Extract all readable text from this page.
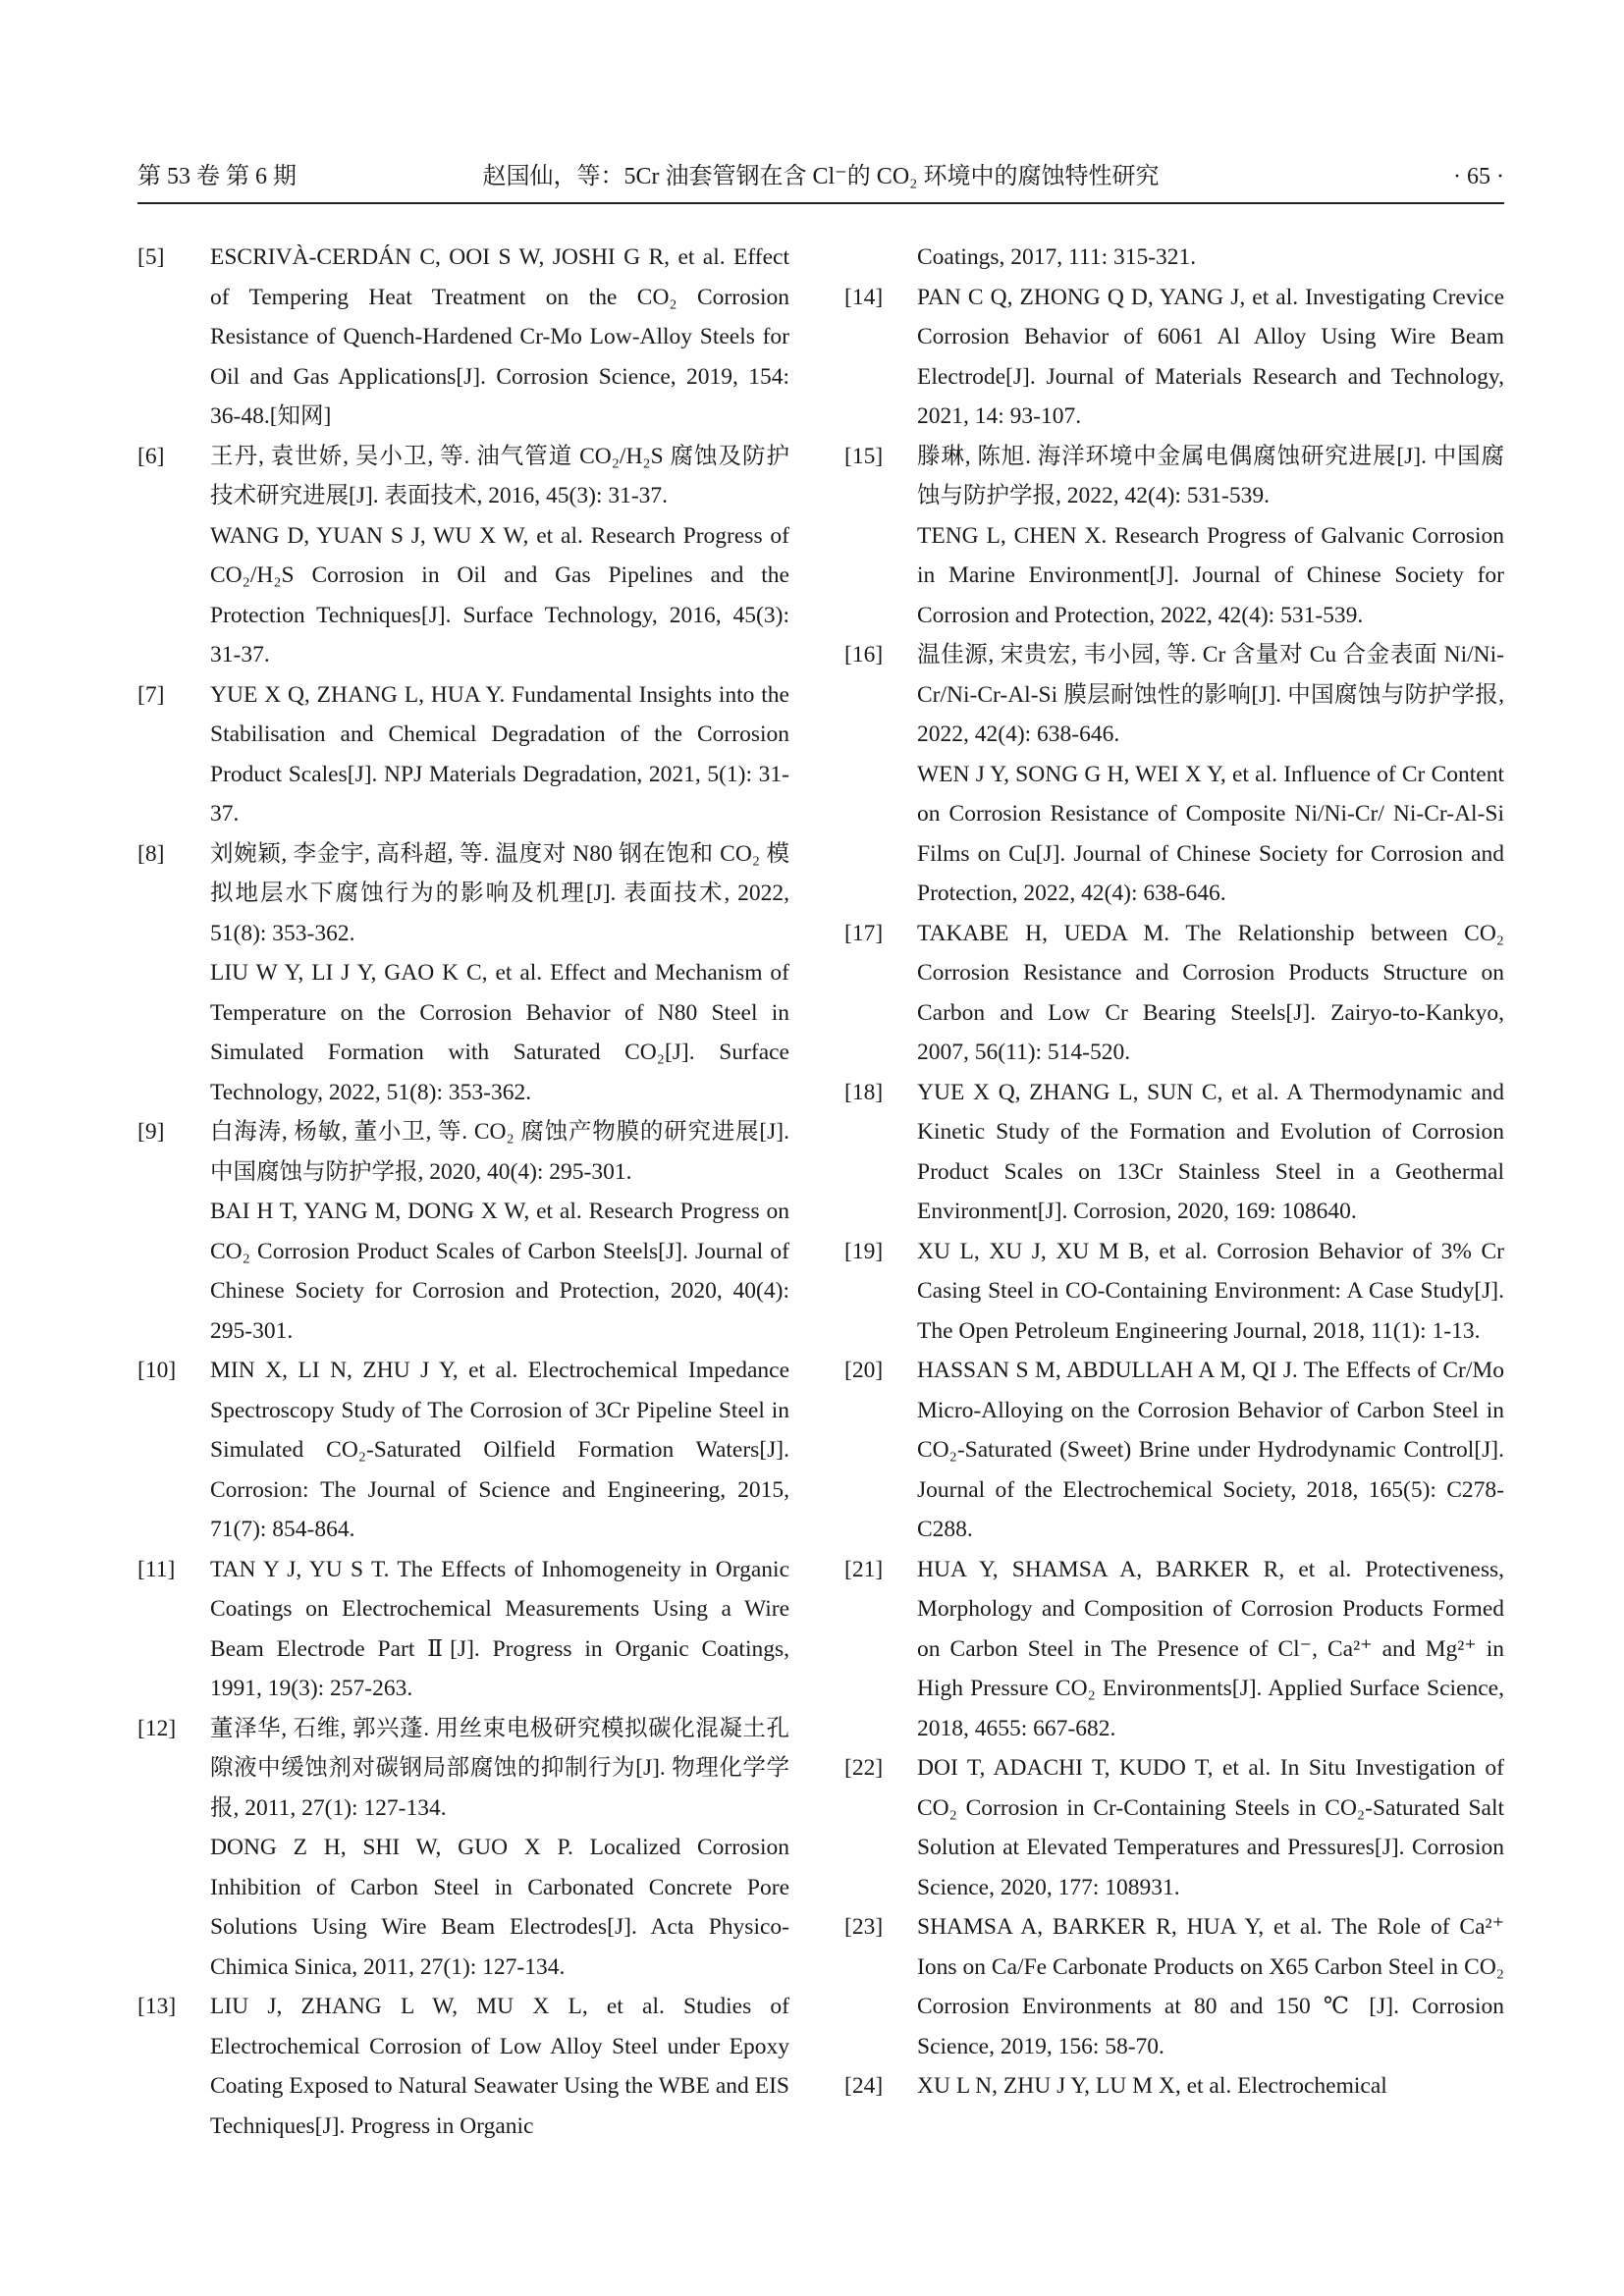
第 53 卷 第 6 期	赵国仙，等：5Cr 油套管钢在含 Cl⁻的 CO₂ 环境中的腐蚀特性研究	· 65 ·
[5]	ESCRIVÀ-CERDÁN C, OOI S W, JOSHI G R, et al. Effect of Tempering Heat Treatment on the CO₂ Corrosion Resistance of Quench-Hardened Cr-Mo Low-Alloy Steels for Oil and Gas Applications[J]. Corrosion Science, 2019, 154: 36-48.[知网]

[6]	王丹, 袁世娇, 吴小卫, 等. 油气管道 CO₂/H₂S 腐蚀及防护技术研究进展[J]. 表面技术, 2016, 45(3): 31-37.

WANG D, YUAN S J, WU X W, et al. Research Progress of CO₂/H₂S Corrosion in Oil and Gas Pipelines and the Protection Techniques[J]. Surface Technology, 2016, 45(3): 31-37.

[7]	YUE X Q, ZHANG L, HUA Y. Fundamental Insights into the Stabilisation and Chemical Degradation of the Corrosion Product Scales[J]. NPJ Materials Degradation, 2021, 5(1): 31-37.

[8]	刘婉颖, 李金宇, 高科超, 等. 温度对 N80 钢在饱和 CO₂ 模拟地层水下腐蚀行为的影响及机理[J]. 表面技术, 2022, 51(8): 353-362.

LIU W Y, LI J Y, GAO K C, et al. Effect and Mechanism of Temperature on the Corrosion Behavior of N80 Steel in Simulated Formation with Saturated CO₂[J]. Surface Technology, 2022, 51(8): 353-362.

[9]	白海涛, 杨敏, 董小卫, 等. CO₂ 腐蚀产物膜的研究进展[J]. 中国腐蚀与防护学报, 2020, 40(4): 295-301.

BAI H T, YANG M, DONG X W, et al. Research Progress on CO₂ Corrosion Product Scales of Carbon Steels[J]. Journal of Chinese Society for Corrosion and Protection, 2020, 40(4): 295-301.

[10]	MIN X, LI N, ZHU J Y, et al. Electrochemical Impedance Spectroscopy Study of The Corrosion of 3Cr Pipeline Steel in Simulated CO₂-Saturated Oilfield Formation Waters[J]. Corrosion: The Journal of Science and Engineering, 2015, 71(7): 854-864.

[11]	TAN Y J, YU S T. The Effects of Inhomogeneity in Organic Coatings on Electrochemical Measurements Using a Wire Beam Electrode Part Ⅱ[J]. Progress in Organic Coatings, 1991, 19(3): 257-263.

[12]	董泽华, 石维, 郭兴蓬. 用丝束电极研究模拟碳化混凝土孔隙液中缓蚀剂对碳钢局部腐蚀的抑制行为[J]. 物理化学学报, 2011, 27(1): 127-134.

DONG Z H, SHI W, GUO X P. Localized Corrosion Inhibition of Carbon Steel in Carbonated Concrete Pore Solutions Using Wire Beam Electrodes[J]. Acta Physico-Chimica Sinica, 2011, 27(1): 127-134.

[13]	LIU J, ZHANG L W, MU X L, et al. Studies of Electrochemical Corrosion of Low Alloy Steel under Epoxy Coating Exposed to Natural Seawater Using the WBE and EIS Techniques[J]. Progress in Organic

Coatings, 2017, 111: 315-321.

[14]	PAN C Q, ZHONG Q D, YANG J, et al. Investigating Crevice Corrosion Behavior of 6061 Al Alloy Using Wire Beam Electrode[J]. Journal of Materials Research and Technology, 2021, 14: 93-107.

[15]	滕琳, 陈旭. 海洋环境中金属电偶腐蚀研究进展[J]. 中国腐蚀与防护学报, 2022, 42(4): 531-539.

TENG L, CHEN X. Research Progress of Galvanic Corrosion in Marine Environment[J]. Journal of Chinese Society for Corrosion and Protection, 2022, 42(4): 531-539.

[16]	温佳源, 宋贵宏, 韦小园, 等. Cr 含量对 Cu 合金表面 Ni/Ni-Cr/Ni-Cr-Al-Si 膜层耐蚀性的影响[J]. 中国腐蚀与防护学报, 2022, 42(4): 638-646.

WEN J Y, SONG G H, WEI X Y, et al. Influence of Cr Content on Corrosion Resistance of Composite Ni/Ni-Cr/ Ni-Cr-Al-Si Films on Cu[J]. Journal of Chinese Society for Corrosion and Protection, 2022, 42(4): 638-646.

[17]	TAKABE H, UEDA M. The Relationship between CO₂ Corrosion Resistance and Corrosion Products Structure on Carbon and Low Cr Bearing Steels[J]. Zairyo-to-Kankyo, 2007, 56(11): 514-520.

[18]	YUE X Q, ZHANG L, SUN C, et al. A Thermodynamic and Kinetic Study of the Formation and Evolution of Corrosion Product Scales on 13Cr Stainless Steel in a Geothermal Environment[J]. Corrosion, 2020, 169: 108640.

[19]	XU L, XU J, XU M B, et al. Corrosion Behavior of 3% Cr Casing Steel in CO-Containing Environment: A Case Study[J]. The Open Petroleum Engineering Journal, 2018, 11(1): 1-13.

[20]	HASSAN S M, ABDULLAH A M, QI J. The Effects of Cr/Mo Micro-Alloying on the Corrosion Behavior of Carbon Steel in CO₂-Saturated (Sweet) Brine under Hydrodynamic Control[J]. Journal of the Electrochemical Society, 2018, 165(5): C278-C288.

[21]	HUA Y, SHAMSA A, BARKER R, et al. Protectiveness, Morphology and Composition of Corrosion Products Formed on Carbon Steel in The Presence of Cl⁻, Ca²⁺ and Mg²⁺ in High Pressure CO₂ Environments[J]. Applied Surface Science, 2018, 4655: 667-682.

[22]	DOI T, ADACHI T, KUDO T, et al. In Situ Investigation of CO₂ Corrosion in Cr-Containing Steels in CO₂-Saturated Salt Solution at Elevated Temperatures and Pressures[J]. Corrosion Science, 2020, 177: 108931.

[23]	SHAMSA A, BARKER R, HUA Y, et al. The Role of Ca²⁺ Ions on Ca/Fe Carbonate Products on X65 Carbon Steel in CO₂ Corrosion Environments at 80 and 150 ℃ [J]. Corrosion Science, 2019, 156: 58-70.

[24]	XU L N, ZHU J Y, LU M X, et al. Electrochemical
